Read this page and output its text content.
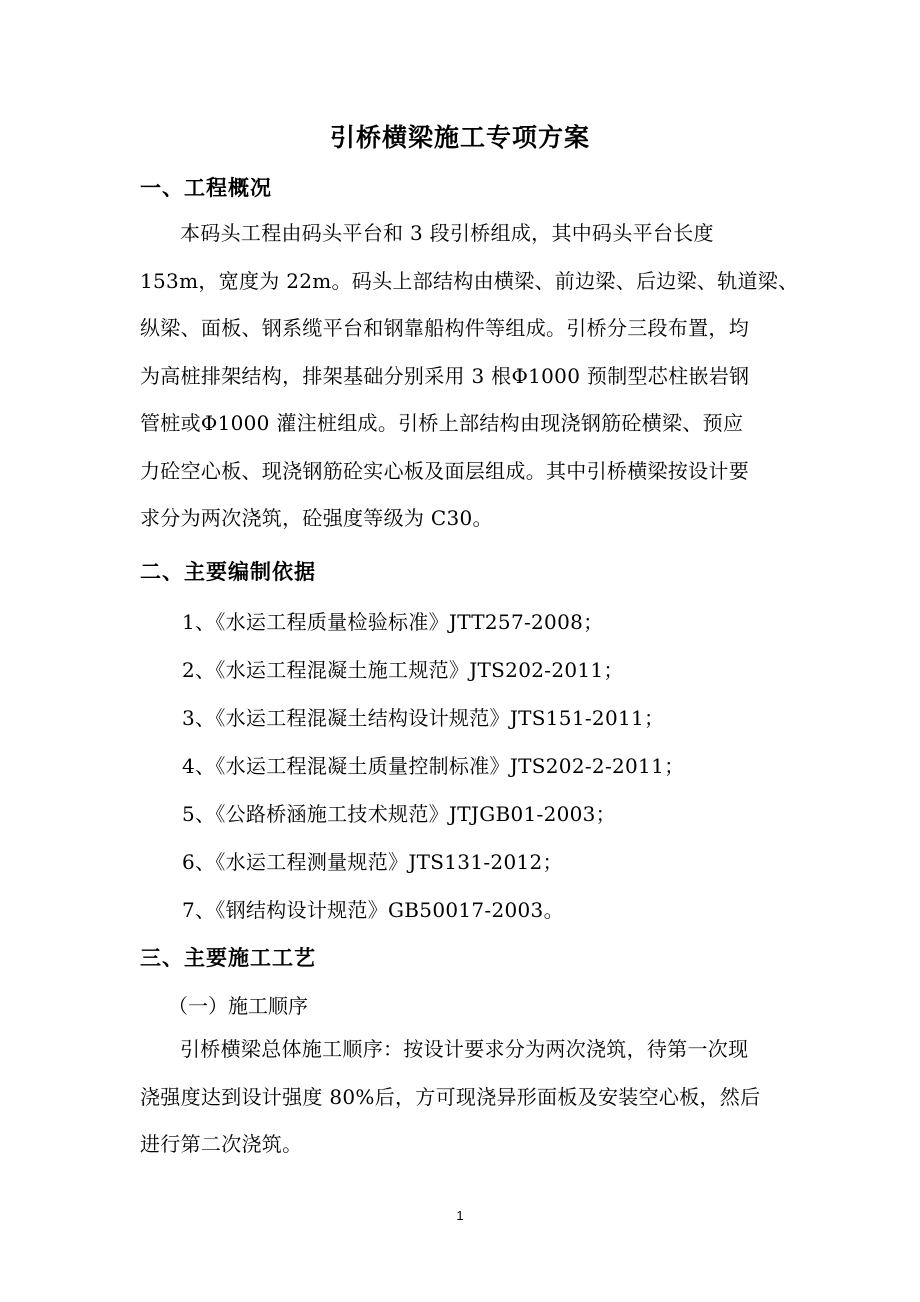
引桥横梁施工专项方案
一、工程概况
本码头工程由码头平台和 3 段引桥组成，其中码头平台长度
153m，宽度为 22m。码头上部结构由横梁、前边梁、后边梁、轨道梁、
纵梁、面板、钢系缆平台和钢靠船构件等组成。引桥分三段布置，均
为高桩排架结构，排架基础分别采用 3 根Φ1000 预制型芯柱嵌岩钢
管桩或Φ1000 灌注桩组成。引桥上部结构由现浇钢筋砼横梁、预应
力砼空心板、现浇钢筋砼实心板及面层组成。其中引桥横梁按设计要
求分为两次浇筑，砼强度等级为 C30。
二、主要编制依据
1、《水运工程质量检验标准》JTT257-2008；
2、《水运工程混凝土施工规范》JTS202-2011；
3、《水运工程混凝土结构设计规范》JTS151-2011；
4、《水运工程混凝土质量控制标准》JTS202-2-2011；
5、《公路桥涵施工技术规范》JTJGB01-2003；
6、《水运工程测量规范》JTS131-2012；
7、《钢结构设计规范》GB50017-2003。
三、主要施工工艺
（一）施工顺序
引桥横梁总体施工顺序：按设计要求分为两次浇筑，待第一次现
浇强度达到设计强度 80%后，方可现浇异形面板及安装空心板，然后
进行第二次浇筑。
1
